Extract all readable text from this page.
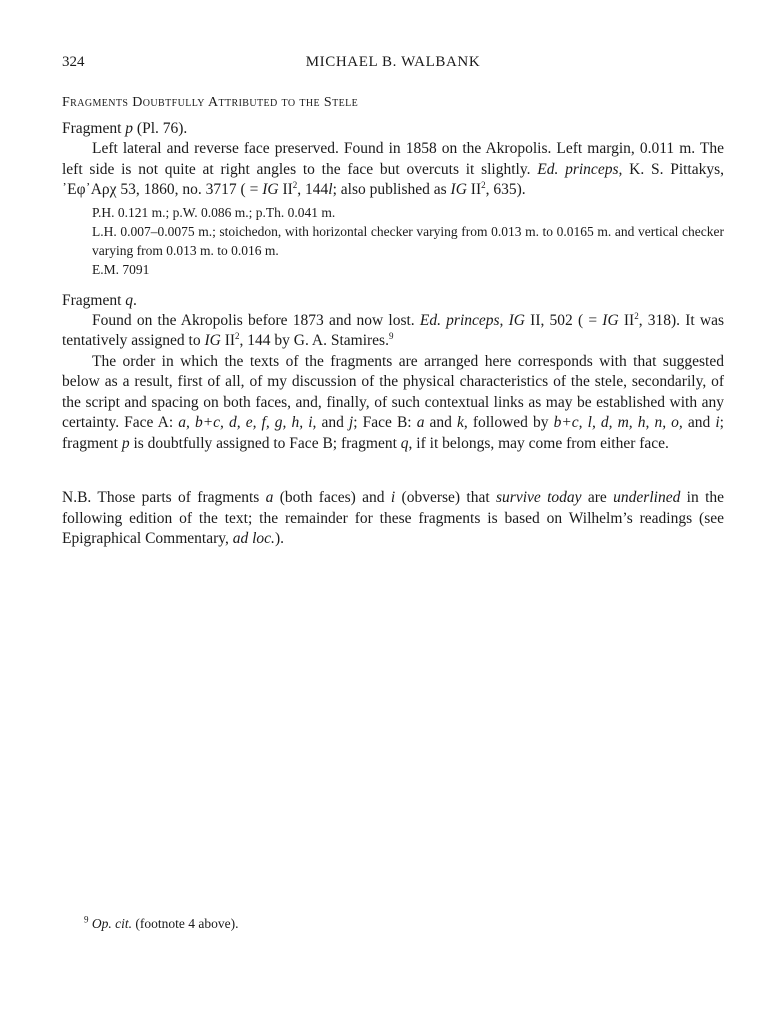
324	MICHAEL B. WALBANK
Fragments Doubtfully Attributed to the Stele
Fragment p (Pl. 76).

Left lateral and reverse face preserved. Found in 1858 on the Akropolis. Left margin, 0.011 m. The left side is not quite at right angles to the face but overcuts it slightly. Ed. princeps, K. S. Pittakys, ᾿Eφ᾿Aρχ 53, 1860, no. 3717 ( = IG $II^2$, 144l; also published as IG $II^2$, 635).

P.H. 0.121 m.; p.W. 0.086 m.; p.Th. 0.041 m.
L.H. 0.007–0.0075 m.; stoichedon, with horizontal checker varying from 0.013 m. to 0.0165 m. and vertical checker varying from 0.013 m. to 0.016 m.
E.M. 7091
Fragment q.

Found on the Akropolis before 1873 and now lost. Ed. princeps, IG II, 502 ( = IG $II^2$, 318). It was tentatively assigned to IG $II^2$, 144 by G. A. Stamires.$^9$

The order in which the texts of the fragments are arranged here corresponds with that suggested below as a result, first of all, of my discussion of the physical characteristics of the stele, secondarily, of the script and spacing on both faces, and, finally, of such contextual links as may be established with any certainty. Face A: a, b+c, d, e, f, g, h, i, and j; Face B: a and k, followed by b+c, l, d, m, h, n, o, and i; fragment p is doubtfully assigned to Face B; fragment q, if it belongs, may come from either face.

N.B. Those parts of fragments a (both faces) and i (obverse) that survive today are underlined in the following edition of the text; the remainder for these fragments is based on Wilhelm’s readings (see Epigraphical Commentary, ad loc.).

$^9$ Op. cit. (footnote 4 above).
